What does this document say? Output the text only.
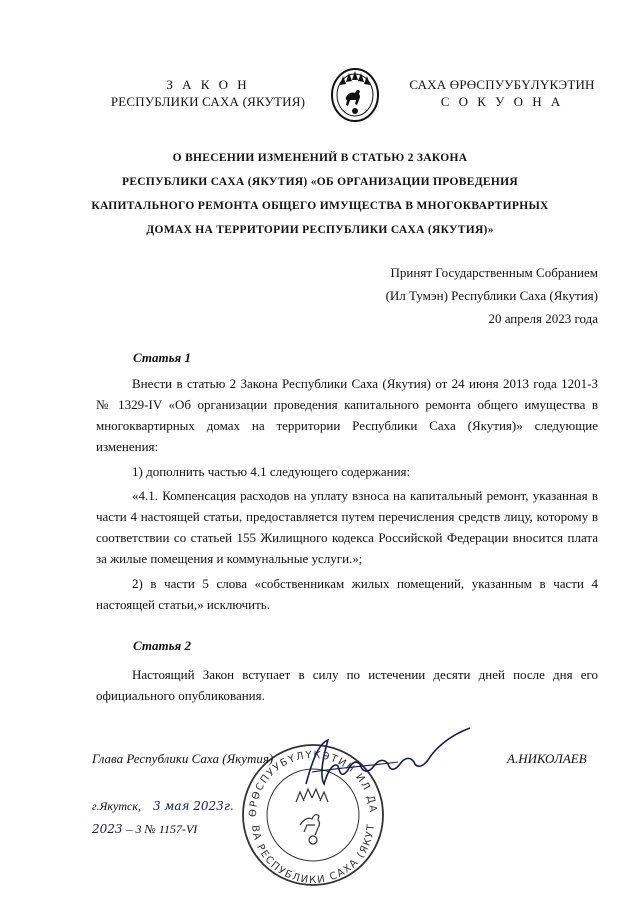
З А К О Н
РЕСПУБЛИКИ САХА (ЯКУТИЯ)
САХА ӨРӨСПУУБҮЛҮКЭТИН
С О К У О Н А
О ВНЕСЕНИИ ИЗМЕНЕНИЙ В СТАТЬЮ 2 ЗАКОНА
РЕСПУБЛИКИ САХА (ЯКУТИЯ) «ОБ ОРГАНИЗАЦИИ ПРОВЕДЕНИЯ
КАПИТАЛЬНОГО РЕМОНТА ОБЩЕГО ИМУЩЕСТВА В МНОГОКВАРТИРНЫХ
ДОМАХ НА ТЕРРИТОРИИ РЕСПУБЛИКИ САХА (ЯКУТИЯ)»
Принят Государственным Собранием
(Ил Тумэн) Республики Саха (Якутия)
20 апреля 2023 года
Статья 1
Внести в статью 2 Закона Республики Саха (Якутия) от 24 июня 2013 года 1201-З № 1329-IV «Об организации проведения капитального ремонта общего имущества в многоквартирных домах на территории Республики Саха (Якутия)» следующие изменения:
1) дополнить частью 4.1 следующего содержания:
«4.1. Компенсация расходов на уплату взноса на капитальный ремонт, указанная в части 4 настоящей статьи, предоставляется путем перечисления средств лицу, которому в соответствии со статьей 155 Жилищного кодекса Российской Федерации вносится плата за жилые помещения и коммунальные услуги.»;
2) в части 5 слова «собственникам жилых помещений, указанным в части 4 настоящей статьи,» исключить.
Статья 2
Настоящий Закон вступает в силу по истечении десяти дней после дня его официального опубликования.
ӨРӨСПУУБҮЛҮКЭТИН ИЛ ДА
ВА РЕСПУБЛИКИ САХА (ЯКУТ
Глава Республики Саха (Якутия)	А.НИКОЛАЕВ
г.Якутск, 3 мая 2023г.
2023 – 3 № 1157-VI
